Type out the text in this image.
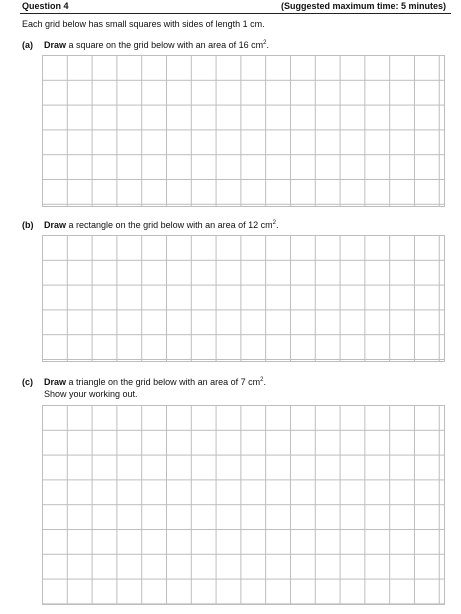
Question 4	(Suggested maximum time: 5 minutes)
Each grid below has small squares with sides of length 1 cm.
(a) Draw a square on the grid below with an area of 16 $cm^2$.
(b) Draw a rectangle on the grid below with an area of 12 $cm^2$.
(c) Draw a triangle on the grid below with an area of 7 $cm^2$.
Show your working out.
